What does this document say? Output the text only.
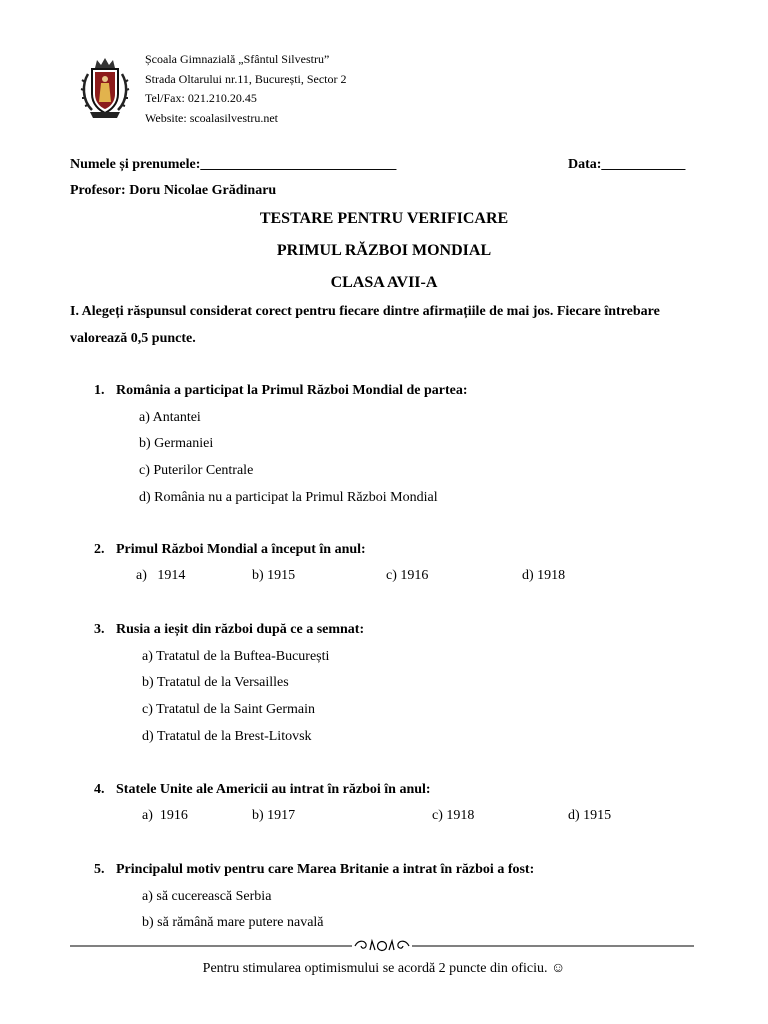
Școala Gimnazială „Sfântul Silvestru”
Strada Oltarului nr.11, București, Sector 2
Tel/Fax: 021.210.20.45
Website: scoalasilvestru.net
Numele și prenumele:____________________________	Data:____________
Profesor: Doru Nicolae Grădinaru
TESTARE PENTRU VERIFICARE
PRIMUL RĂZBOI MONDIAL
CLASA AVII-A
I. Alegeți răspunsul considerat corect pentru fiecare dintre afirmațiile de mai jos. Fiecare întrebare valorează 0,5 puncte.
1. România a participat la Primul Război Mondial de partea:
a) Antantei
b) Germaniei
c) Puterilor Centrale
d) România nu a participat la Primul Război Mondial
2. Primul Război Mondial a început în anul:
a)   1914	b) 1915	c) 1916	d) 1918
3. Rusia a ieșit din război după ce a semnat:
a) Tratatul de la Buftea-București
b) Tratatul de la Versailles
c) Tratatul de la Saint Germain
d) Tratatul de la Brest-Litovsk
4. Statele Unite ale Americii au intrat în război în anul:
a)  1916	b) 1917	c) 1918	d) 1915
5. Principalul motiv pentru care Marea Britanie a intrat în război a fost:
a) să cucerească Serbia
b) să rămână mare putere navală
Pentru stimularea optimismului se acordă 2 puncte din oficiu. ☺
